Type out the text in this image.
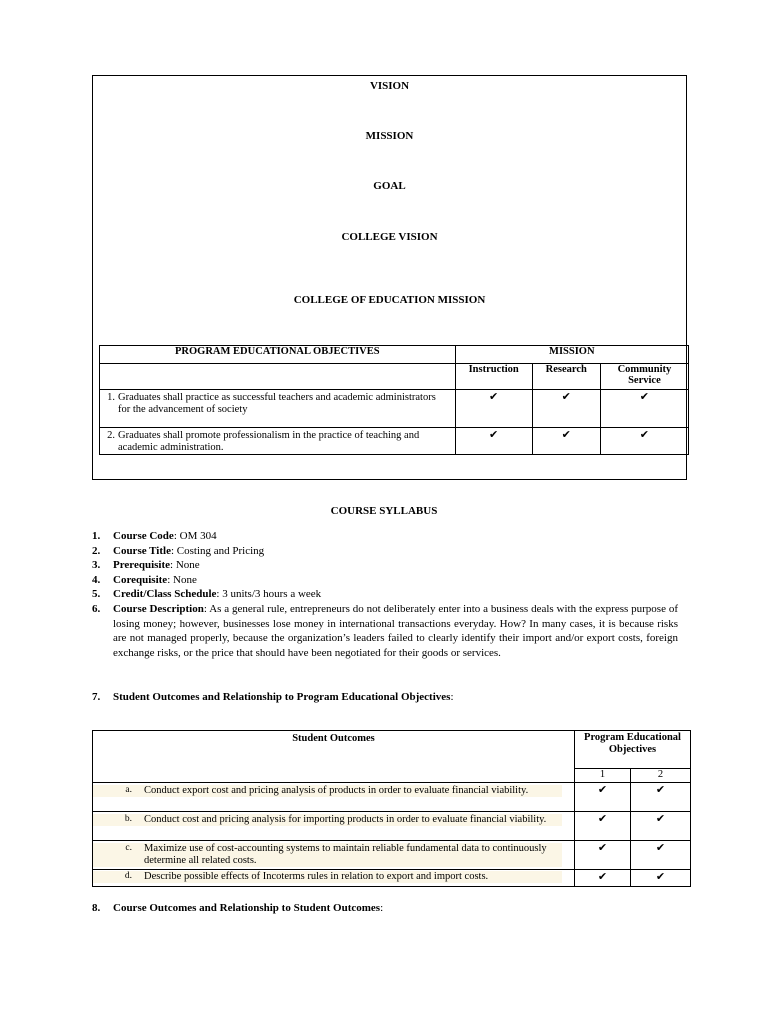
VISION
MISSION
GOAL
COLLEGE VISION
COLLEGE OF EDUCATION MISSION
PROGRAM EDUCATIONAL OBJECTIVES	MISSION		
	Instruction	Research	Community Service

1. Graduates shall practice as successful teachers and academic administrators for the advancement of society	✔	✔	✔

2. Graduates shall promote professionalism in the practice of teaching and academic administration.	✔	✔	✔
COURSE SYLLABUS
1.	Course Code: OM 304
2.	Course Title: Costing and Pricing
3.	Prerequisite: None
4.	Corequisite: None
5.	Credit/Class Schedule: 3 units/3 hours a week
6.	Course Description: As a general rule, entrepreneurs do not deliberately enter into a business deals with the express purpose of losing money; however, businesses lose money in international transactions everyday. How? In many cases, it is because risks are not managed properly, because the organization’s leaders failed to clearly identify their import and/or export costs, foreign exchange risks, or the price that should have been negotiated for their goods or services.
7.	Student Outcomes and Relationship to Program Educational Objectives:
Student Outcomes	Program Educational Objectives	
	1	2

a. Conduct export cost and pricing analysis of products in order to evaluate financial viability.	✔	✔

b. Conduct cost and pricing analysis for importing products in order to evaluate financial viability.	✔	✔

c. Maximize use of cost-accounting systems to maintain reliable fundamental data to continuously determine all related costs.	✔	✔

d. Describe possible effects of Incoterms rules in relation to export and import costs.	✔	✔
8.	Course Outcomes and Relationship to Student Outcomes:
